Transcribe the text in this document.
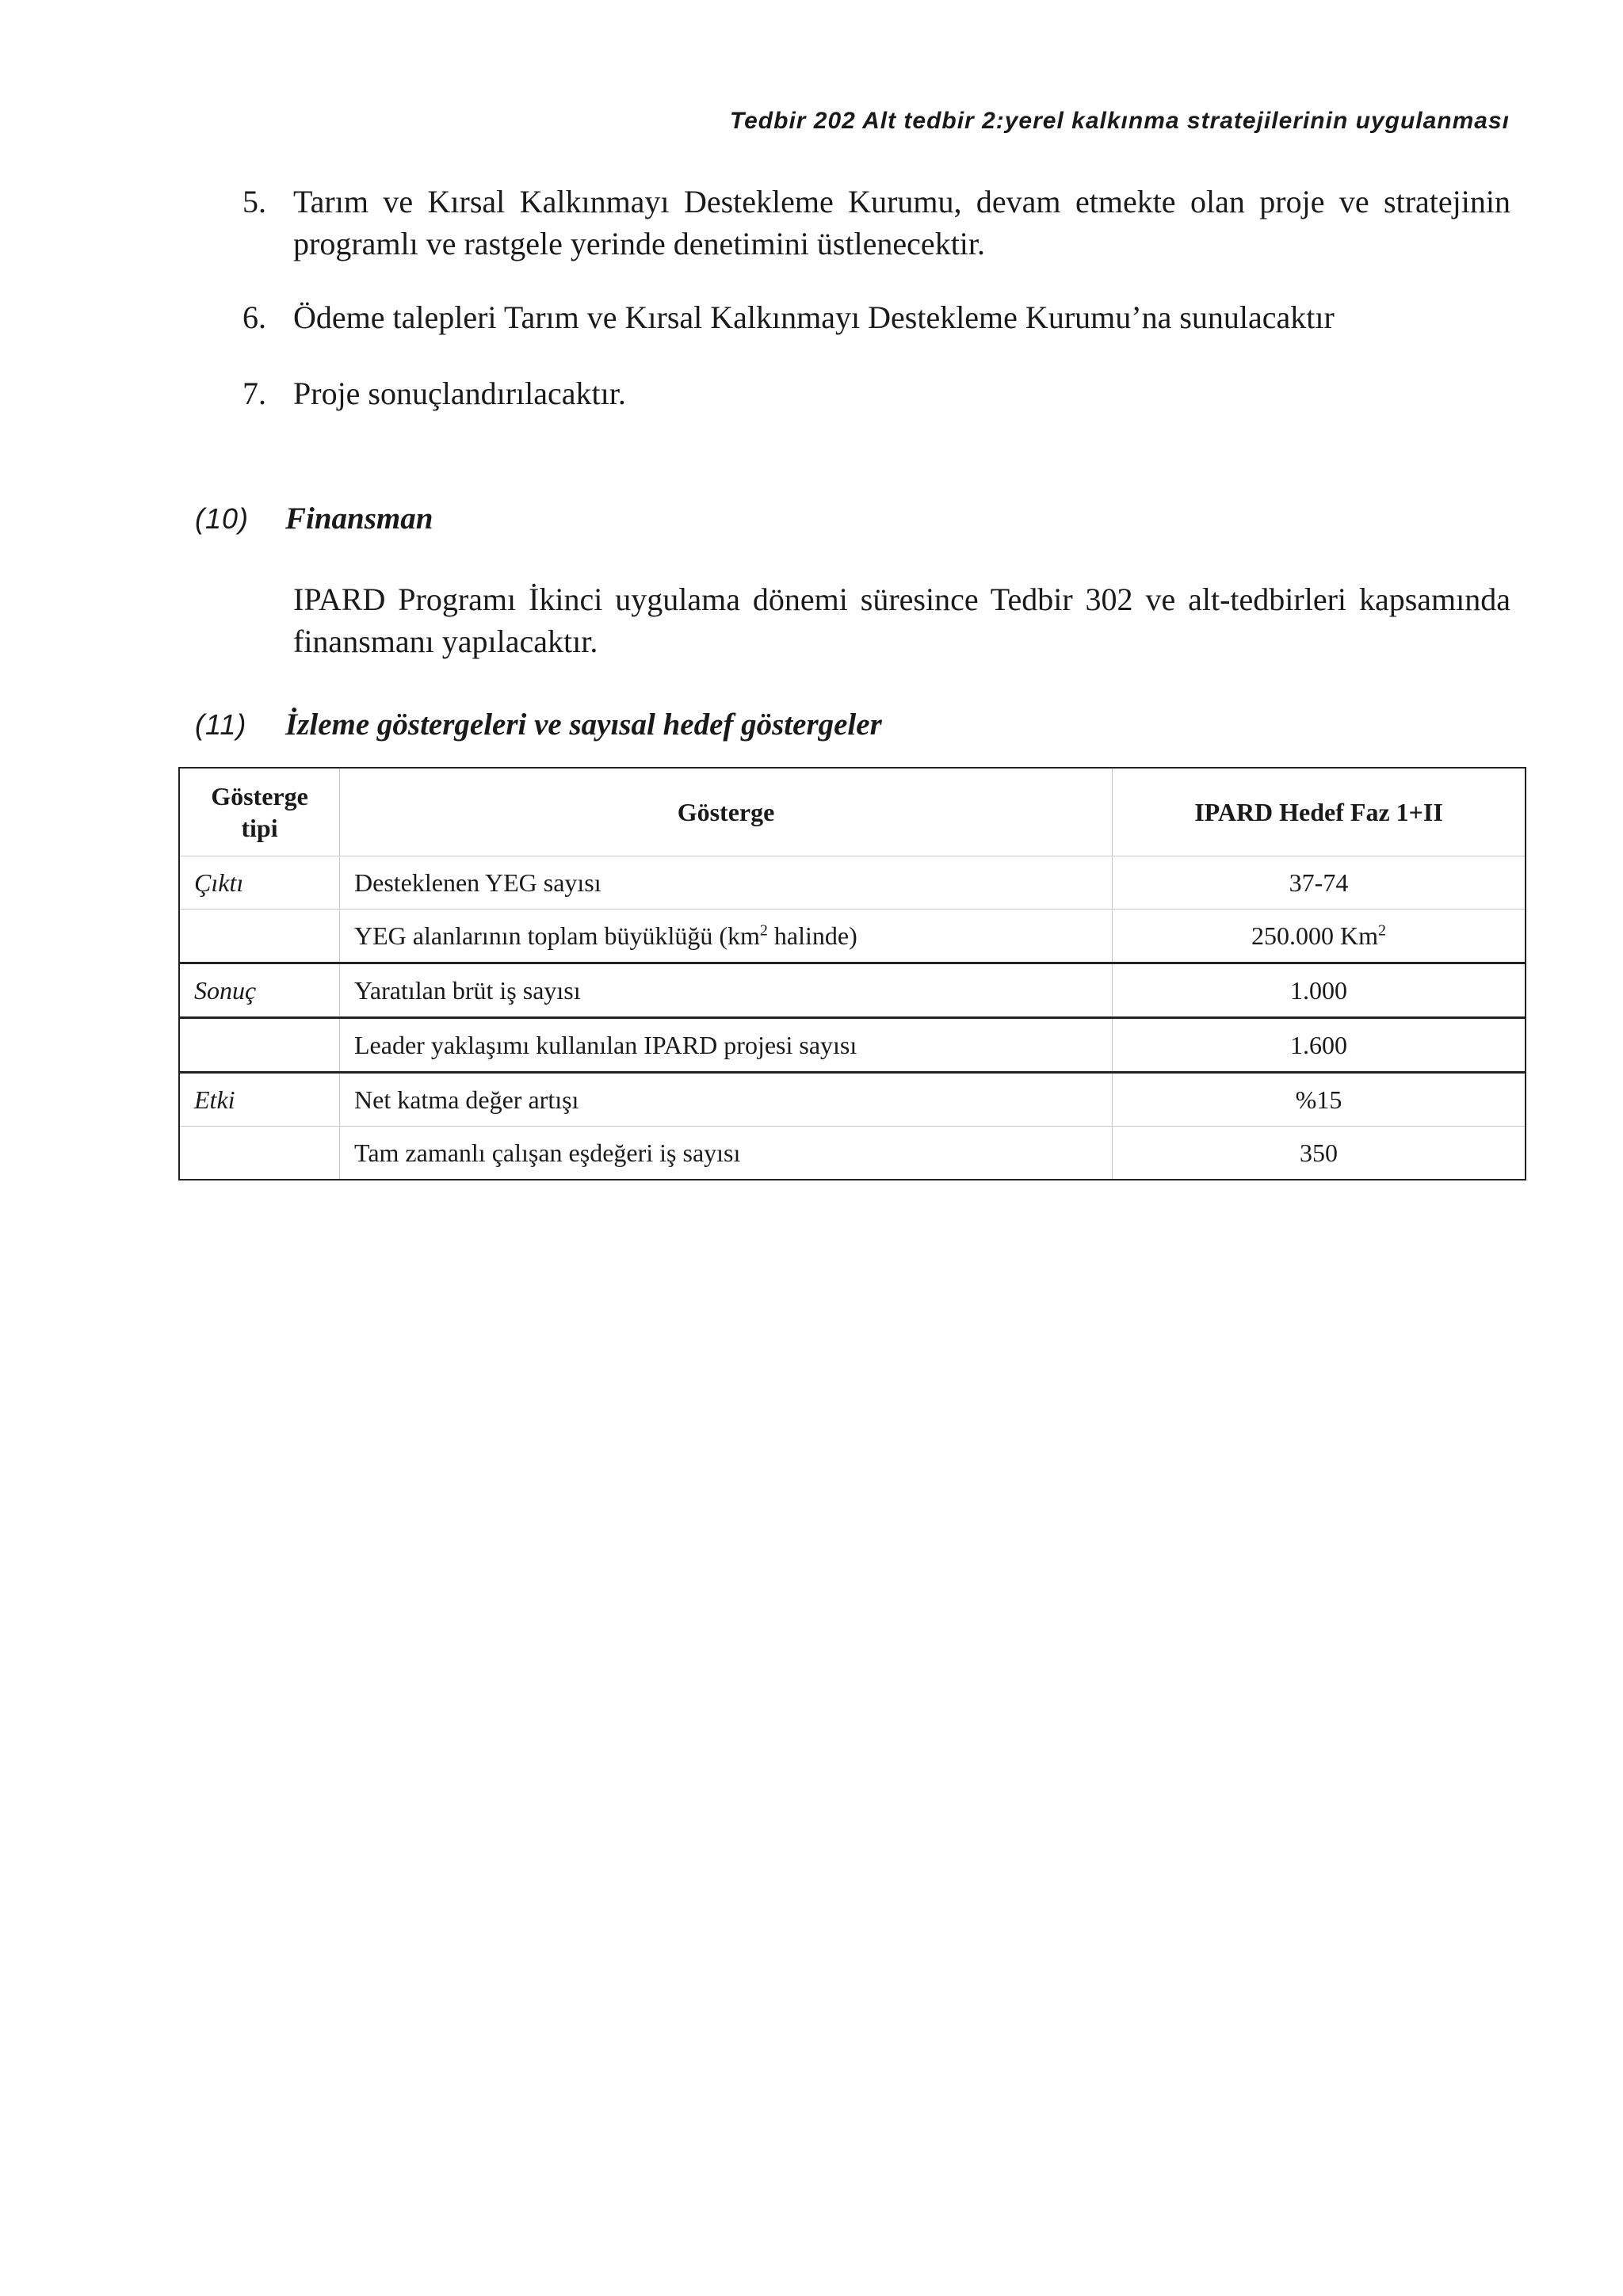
Tedbir 202 Alt tedbir 2:yerel kalkınma stratejilerinin uygulanması
5. Tarım ve Kırsal Kalkınmayı Destekleme Kurumu, devam etmekte olan proje ve stratejinin programlı ve rastgele yerinde denetimini üstlenecektir.
6. Ödeme talepleri Tarım ve Kırsal Kalkınmayı Destekleme Kurumu’na sunulacaktır
7. Proje sonuçlandırılacaktır.
(10) Finansman
IPARD Programı İkinci uygulama dönemi süresince Tedbir 302 ve alt-tedbirleri kapsamında finansmanı yapılacaktır.
(11) İzleme göstergeleri ve sayısal hedef göstergeler
Gösterge tipi	Gösterge	IPARD Hedef Faz 1+II
Çıktı	Desteklenen YEG sayısı	37-74
	YEG alanlarının toplam büyüklüğü ($km^2$ halinde)	250.000 Km$^2$
Sonuç	Yaratılan brüt iş sayısı	1.000
	Leader yaklaşımı kullanılan IPARD projesi sayısı	1.600
Etki	Net katma değer artışı	%15
	Tam zamanlı çalışan eşdeğeri iş sayısı	350
